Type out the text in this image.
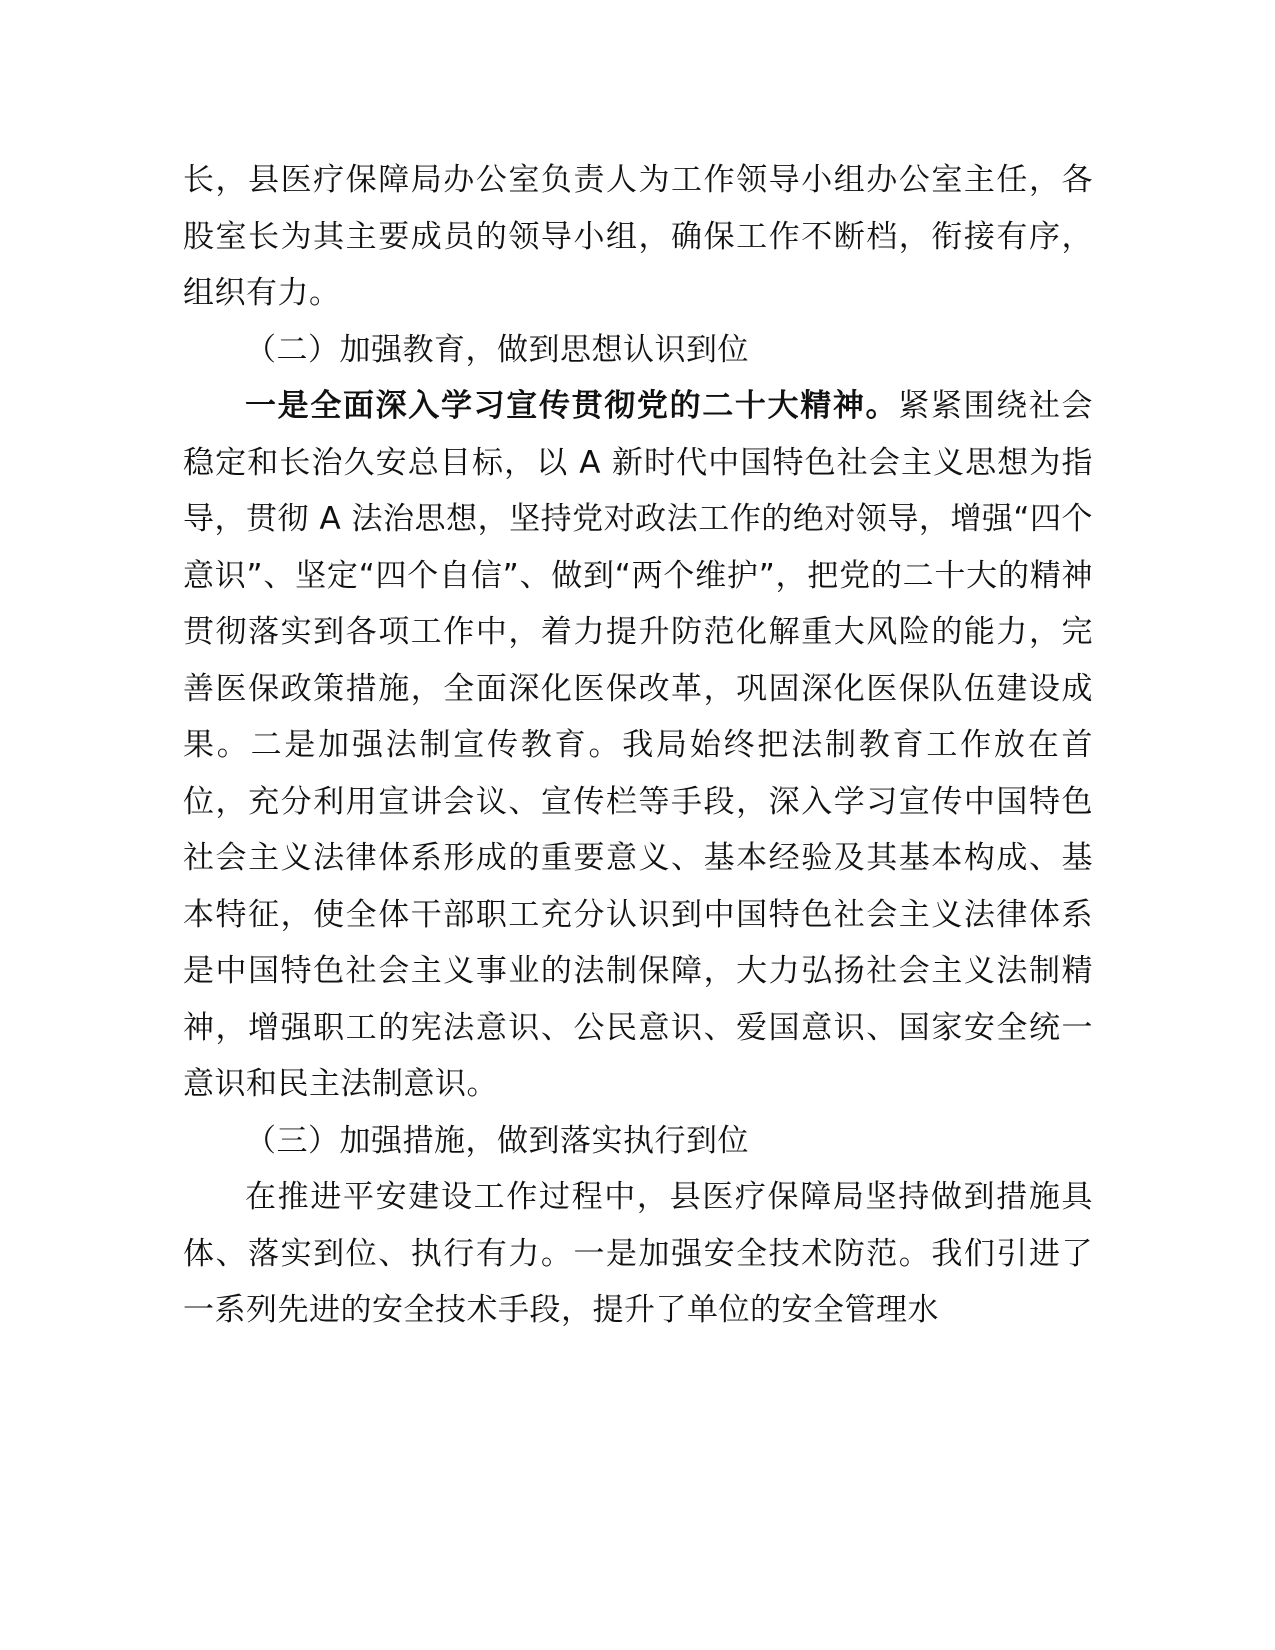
长，县医疗保障局办公室负责人为工作领导小组办公室主任，各股室长为其主要成员的领导小组，确保工作不断档，衔接有序，组织有力。

（二）加强教育，做到思想认识到位

一是全面深入学习宣传贯彻党的二十大精神。紧紧围绕社会稳定和长治久安总目标，以 A 新时代中国特色社会主义思想为指导，贯彻 A 法治思想，坚持党对政法工作的绝对领导，增强“四个意识”、坚定“四个自信”、做到“两个维护”，把党的二十大的精神贯彻落实到各项工作中，着力提升防范化解重大风险的能力，完善医保政策措施，全面深化医保改革，巩固深化医保队伍建设成果。二是加强法制宣传教育。我局始终把法制教育工作放在首位，充分利用宣讲会议、宣传栏等手段，深入学习宣传中国特色社会主义法律体系形成的重要意义、基本经验及其基本构成、基本特征，使全体干部职工充分认识到中国特色社会主义法律体系是中国特色社会主义事业的法制保障，大力弘扬社会主义法制精神，增强职工的宪法意识、公民意识、爱国意识、国家安全统一意识和民主法制意识。

（三）加强措施，做到落实执行到位

在推进平安建设工作过程中，县医疗保障局坚持做到措施具体、落实到位、执行有力。一是加强安全技术防范。我们引进了一系列先进的安全技术手段，提升了单位的安全管理水
